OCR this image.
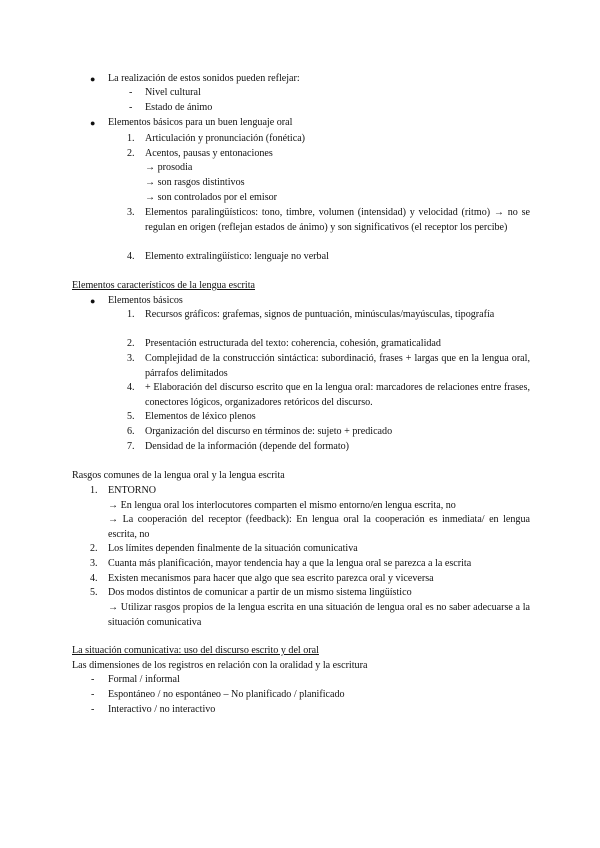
● La realización de estos sonidos pueden reflejar:
- Nivel cultural
- Estado de ánimo
● Elementos básicos para un buen lenguaje oral
1. Articulación y pronunciación (fonética)
2. Acentos, pausas y entonaciones
→ prosodia
→ son rasgos distintivos
→ son controlados por el emisor
3. Elementos paralingüísticos: tono, timbre, volumen (intensidad) y velocidad (ritmo) → no se regulan en origen (reflejan estados de ánimo) y son significativos (el receptor los percibe)
4. Elemento extralingüístico: lenguaje no verbal
Elementos característicos de la lengua escrita
● Elementos básicos
1. Recursos gráficos: grafemas, signos de puntuación, minúsculas/mayúsculas, tipografía
2. Presentación estructurada del texto: coherencia, cohesión, gramaticalidad
3. Complejidad de la construcción sintáctica: subordinació, frases + largas que en la lengua oral, párrafos delimitados
4. + Elaboración del discurso escrito que en la lengua oral: marcadores de relaciones entre frases, conectores lógicos, organizadores retóricos del discurso.
5. Elementos de léxico plenos
6. Organización del discurso en términos de: sujeto + predicado
7. Densidad de la información (depende del formato)
Rasgos comunes de la lengua oral y la lengua escrita
1. ENTORNO
→ En lengua oral los interlocutores comparten el mismo entorno/en lengua escrita, no
→ La cooperación del receptor (feedback): En lengua oral la cooperación es inmediata/ en lengua escrita, no
2. Los límites dependen finalmente de la situación comunicativa
3. Cuanta más planificación, mayor tendencia hay a que la lengua oral se parezca a la escrita
4. Existen mecanismos para hacer que algo que sea escrito parezca oral y viceversa
5. Dos modos distintos de comunicar a partir de un mismo sistema lingüístico
→ Utilizar rasgos propios de la lengua escrita en una situación de lengua oral es no saber adecuarse a la situación comunicativa
La situación comunicativa: uso del discurso escrito y del oral
Las dimensiones de los registros en relación con la oralidad y la escritura
- Formal / informal
- Espontáneo / no espontáneo – No planificado / planificado
- Interactivo / no interactivo
